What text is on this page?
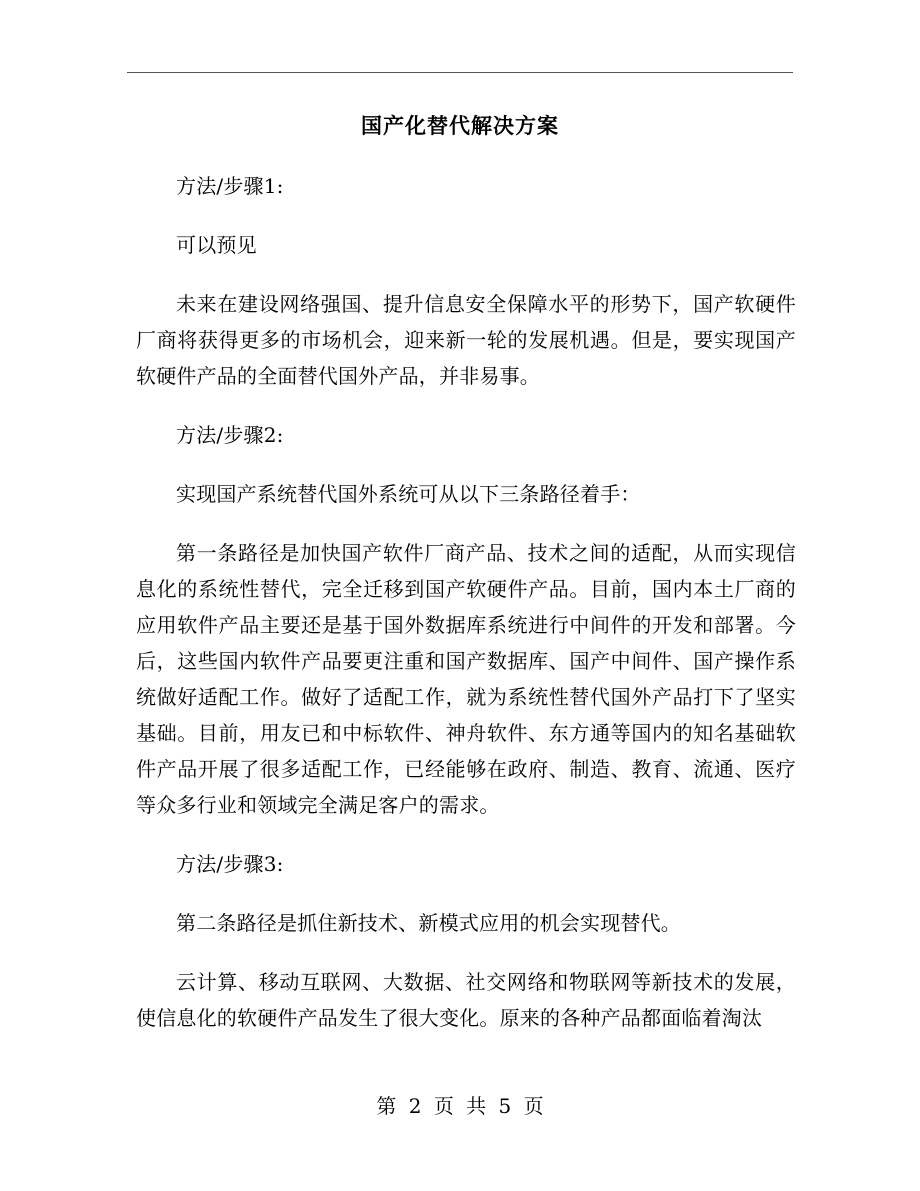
国产化替代解决方案

方法/步骤1:

可以预见

未来在建设网络强国、提升信息安全保障水平的形势下，国产软硬件厂商将获得更多的市场机会，迎来新一轮的发展机遇。但是，要实现国产软硬件产品的全面替代国外产品，并非易事。

方法/步骤2:

实现国产系统替代国外系统可从以下三条路径着手：

第一条路径是加快国产软件厂商产品、技术之间的适配，从而实现信息化的系统性替代，完全迁移到国产软硬件产品。目前，国内本土厂商的应用软件产品主要还是基于国外数据库系统进行中间件的开发和部署。今后，这些国内软件产品要更注重和国产数据库、国产中间件、国产操作系统做好适配工作。做好了适配工作，就为系统性替代国外产品打下了坚实基础。目前，用友已和中标软件、神舟软件、东方通等国内的知名基础软件产品开展了很多适配工作，已经能够在政府、制造、教育、流通、医疗等众多行业和领域完全满足客户的需求。

方法/步骤3:

第二条路径是抓住新技术、新模式应用的机会实现替代。

云计算、移动互联网、大数据、社交网络和物联网等新技术的发展，使信息化的软硬件产品发生了很大变化。原来的各种产品都面临着淘汰

第 2 页 共 5 页
